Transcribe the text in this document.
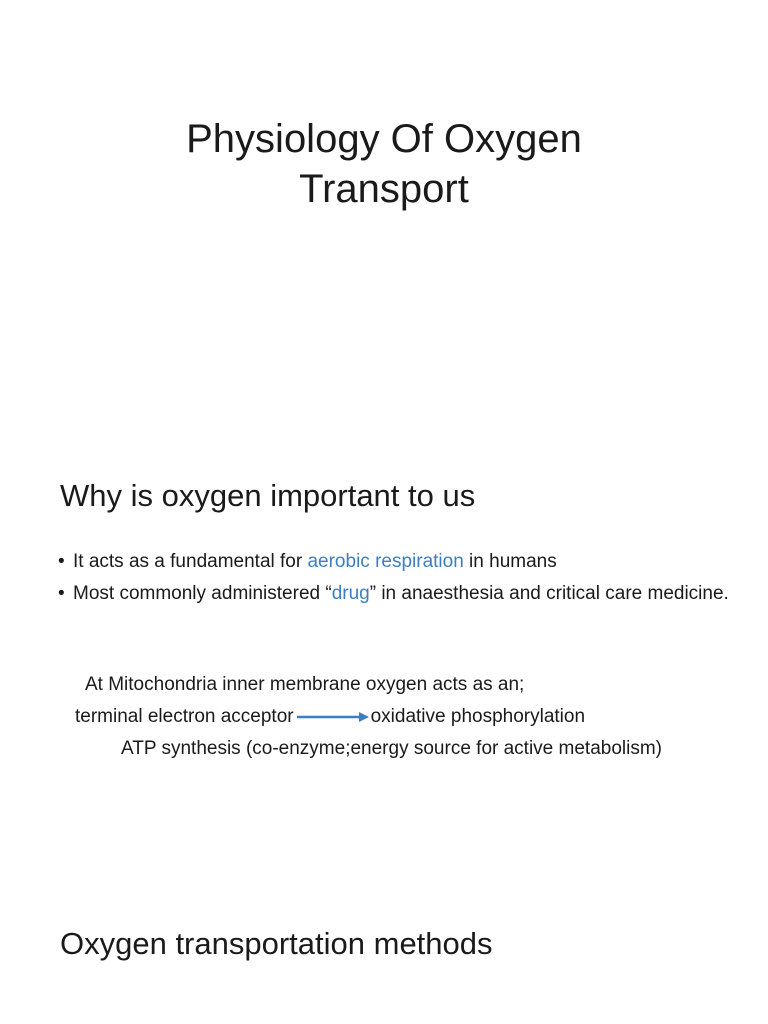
Physiology Of Oxygen
Transport
Why is oxygen important to us
• It acts as a fundamental for aerobic respiration in humans
• Most commonly administered “drug” in anaesthesia and critical care medicine.

At Mitochondria inner membrane oxygen acts as an;

terminal electron acceptor	oxidative phosphorylation

ATP synthesis (co-enzyme;energy source for active metabolism)

Oxygen transportation methods
